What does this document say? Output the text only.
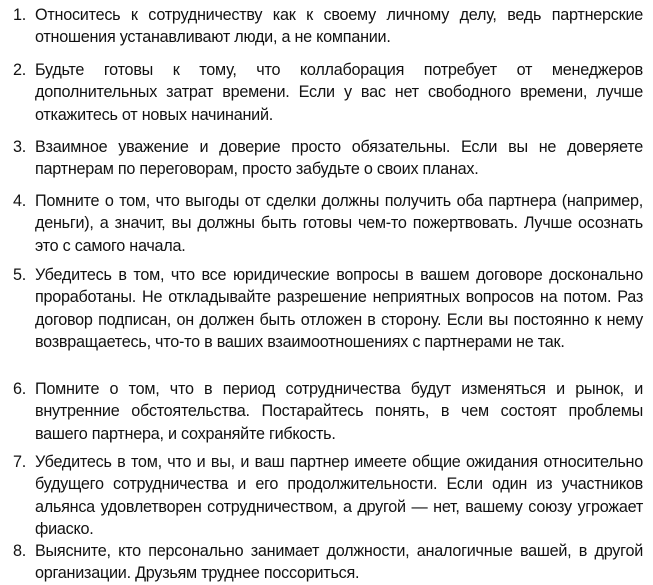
1. Относитесь к сотрудничеству как к своему личному делу, ведь партнерские отношения устанавливают люди, а не компании.
2. Будьте готовы к тому, что коллаборация потребует от менеджеров дополнительных затрат времени. Если у вас нет свободного времени, лучше откажитесь от новых начинаний.
3. Взаимное уважение и доверие просто обязательны. Если вы не доверяете партнерам по переговорам, просто забудьте о своих планах.
4. Помните о том, что выгоды от сделки должны получить оба партнера (например, деньги), а значит, вы должны быть готовы чем-то пожертвовать. Лучше осознать это с самого начала.
5. Убедитесь в том, что все юридические вопросы в вашем договоре досконально проработаны. Не откладывайте разрешение неприятных вопросов на потом. Раз договор подписан, он должен быть отложен в сторону. Если вы постоянно к нему возвращаетесь, что-то в ваших взаимоотношениях с партнерами не так.
6. Помните о том, что в период сотрудничества будут изменяться и рынок, и внутренние обстоятельства. Постарайтесь понять, в чем состоят проблемы вашего партнера, и сохраняйте гибкость.
7. Убедитесь в том, что и вы, и ваш партнер имеете общие ожидания относительно будущего сотрудничества и его продолжительности. Если один из участников альянса удовлетворен сотрудничеством, а другой — нет, вашему союзу угрожает фиаско.
8. Выясните, кто персонально занимает должности, аналогичные вашей, в другой организации. Друзьям труднее поссориться.
